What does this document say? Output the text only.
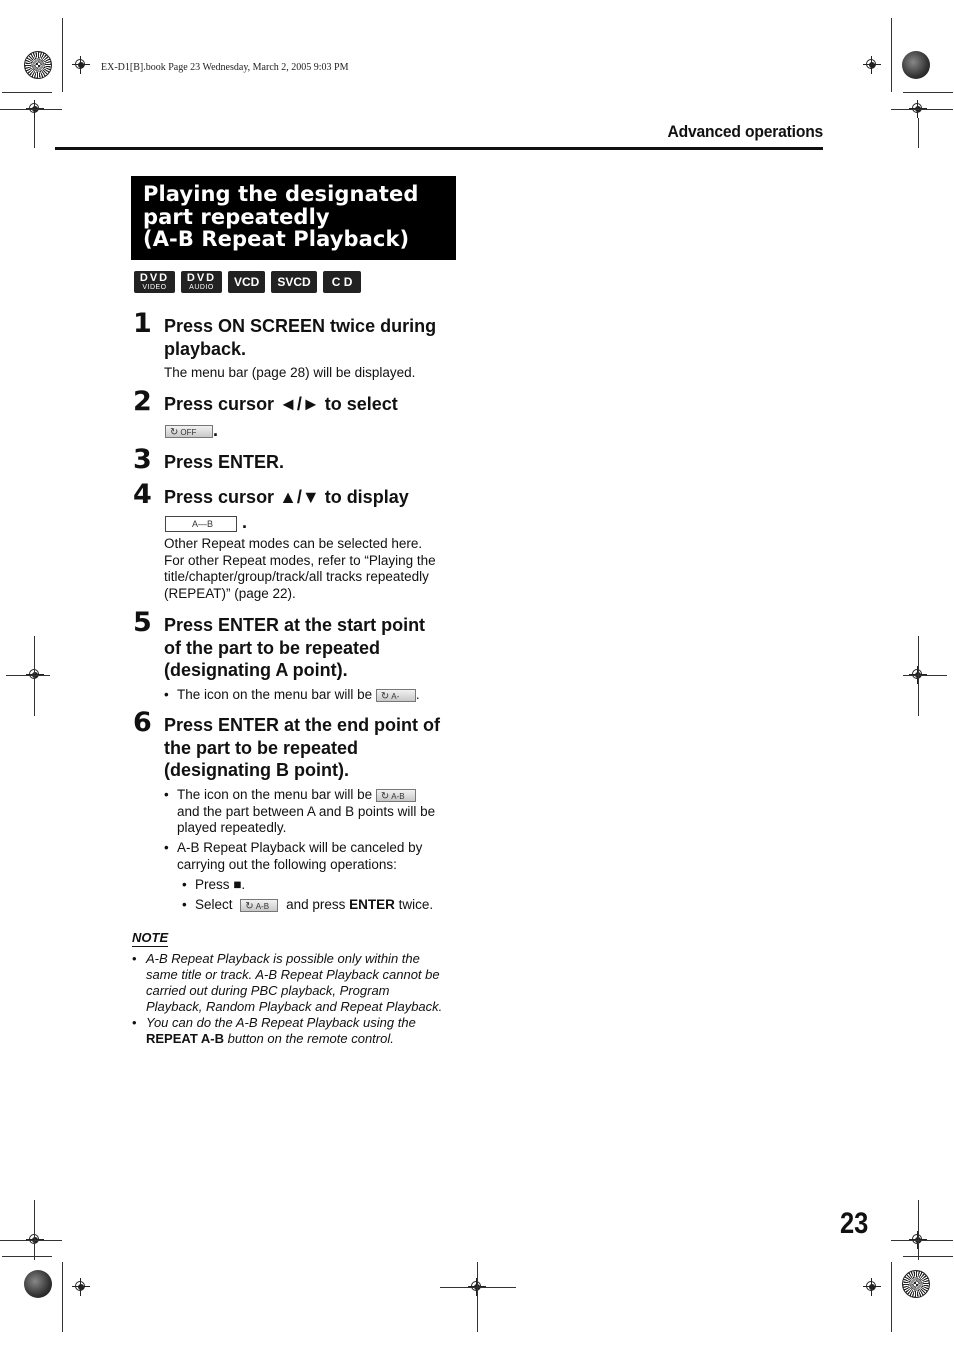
EX-D1[B].book Page 23 Wednesday, March 2, 2005 9:03 PM
Advanced operations
Playing the designated
part repeatedly
(A-B Repeat Playback)
DVD
VIDEO
DVD
AUDIO	VCD	SVCD	C D
1 Press ON SCREEN twice during
playback.
The menu bar (page 28) will be displayed.
2 Press cursor ◄/► to select
↻ OFF .
3 Press ENTER.
4 Press cursor ▲/▼ to display
A—B .
Other Repeat modes can be selected here.
For other Repeat modes, refer to “Playing the
title/chapter/group/track/all tracks repeatedly
(REPEAT)” (page 22).
5 Press ENTER at the start point
of the part to be repeated
(designating A point).
• The icon on the menu bar will be ↻ A- .
6 Press ENTER at the end point of
the part to be repeated
(designating B point).
• The icon on the menu bar will be ↻ A-B
and the part between A and B points will be
played repeatedly.
• A-B Repeat Playback will be canceled by
carrying out the following operations:
• Press ■.
• Select ↻ A-B and press ENTER twice.
NOTE
• A-B Repeat Playback is possible only within the
same title or track. A-B Repeat Playback cannot be
carried out during PBC playback, Program
Playback, Random Playback and Repeat Playback.
• You can do the A-B Repeat Playback using the
REPEAT A-B button on the remote control.
23
